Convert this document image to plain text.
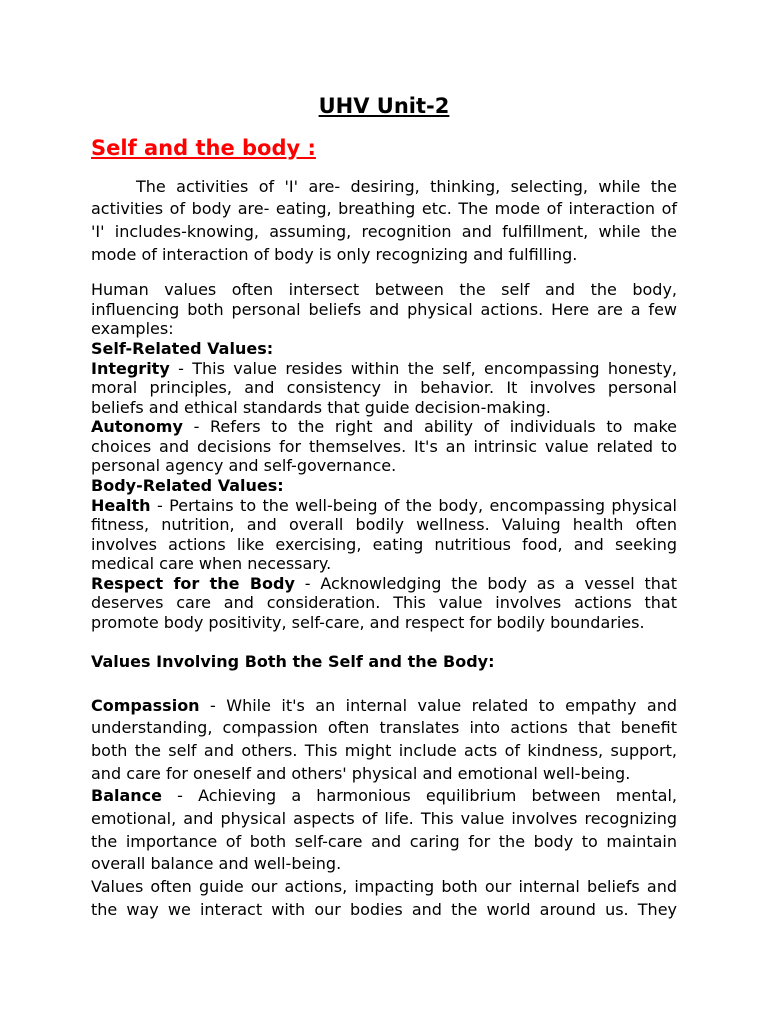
UHV Unit-2
Self and the body :
The activities of 'I' are- desiring, thinking, selecting, while the
activities of body are- eating, breathing etc. The mode of interaction of
'I' includes-knowing, assuming, recognition and fulfillment, while the
mode of interaction of body is only recognizing and fulfilling.
Human values often intersect between the self and the body,
influencing both personal beliefs and physical actions. Here are a few
examples:
Self-Related Values:
Integrity - This value resides within the self, encompassing honesty,
moral principles, and consistency in behavior. It involves personal
beliefs and ethical standards that guide decision-making.
Autonomy - Refers to the right and ability of individuals to make
choices and decisions for themselves. It's an intrinsic value related to
personal agency and self-governance.
Body-Related Values:
Health - Pertains to the well-being of the body, encompassing physical
fitness, nutrition, and overall bodily wellness. Valuing health often
involves actions like exercising, eating nutritious food, and seeking
medical care when necessary.
Respect for the Body - Acknowledging the body as a vessel that
deserves care and consideration. This value involves actions that
promote body positivity, self-care, and respect for bodily boundaries.
Values Involving Both the Self and the Body:
Compassion - While it's an internal value related to empathy and
understanding, compassion often translates into actions that benefit
both the self and others. This might include acts of kindness, support,
and care for oneself and others' physical and emotional well-being.
Balance - Achieving a harmonious equilibrium between mental,
emotional, and physical aspects of life. This value involves recognizing
the importance of both self-care and caring for the body to maintain
overall balance and well-being.
Values often guide our actions, impacting both our internal beliefs and
the way we interact with our bodies and the world around us. They
